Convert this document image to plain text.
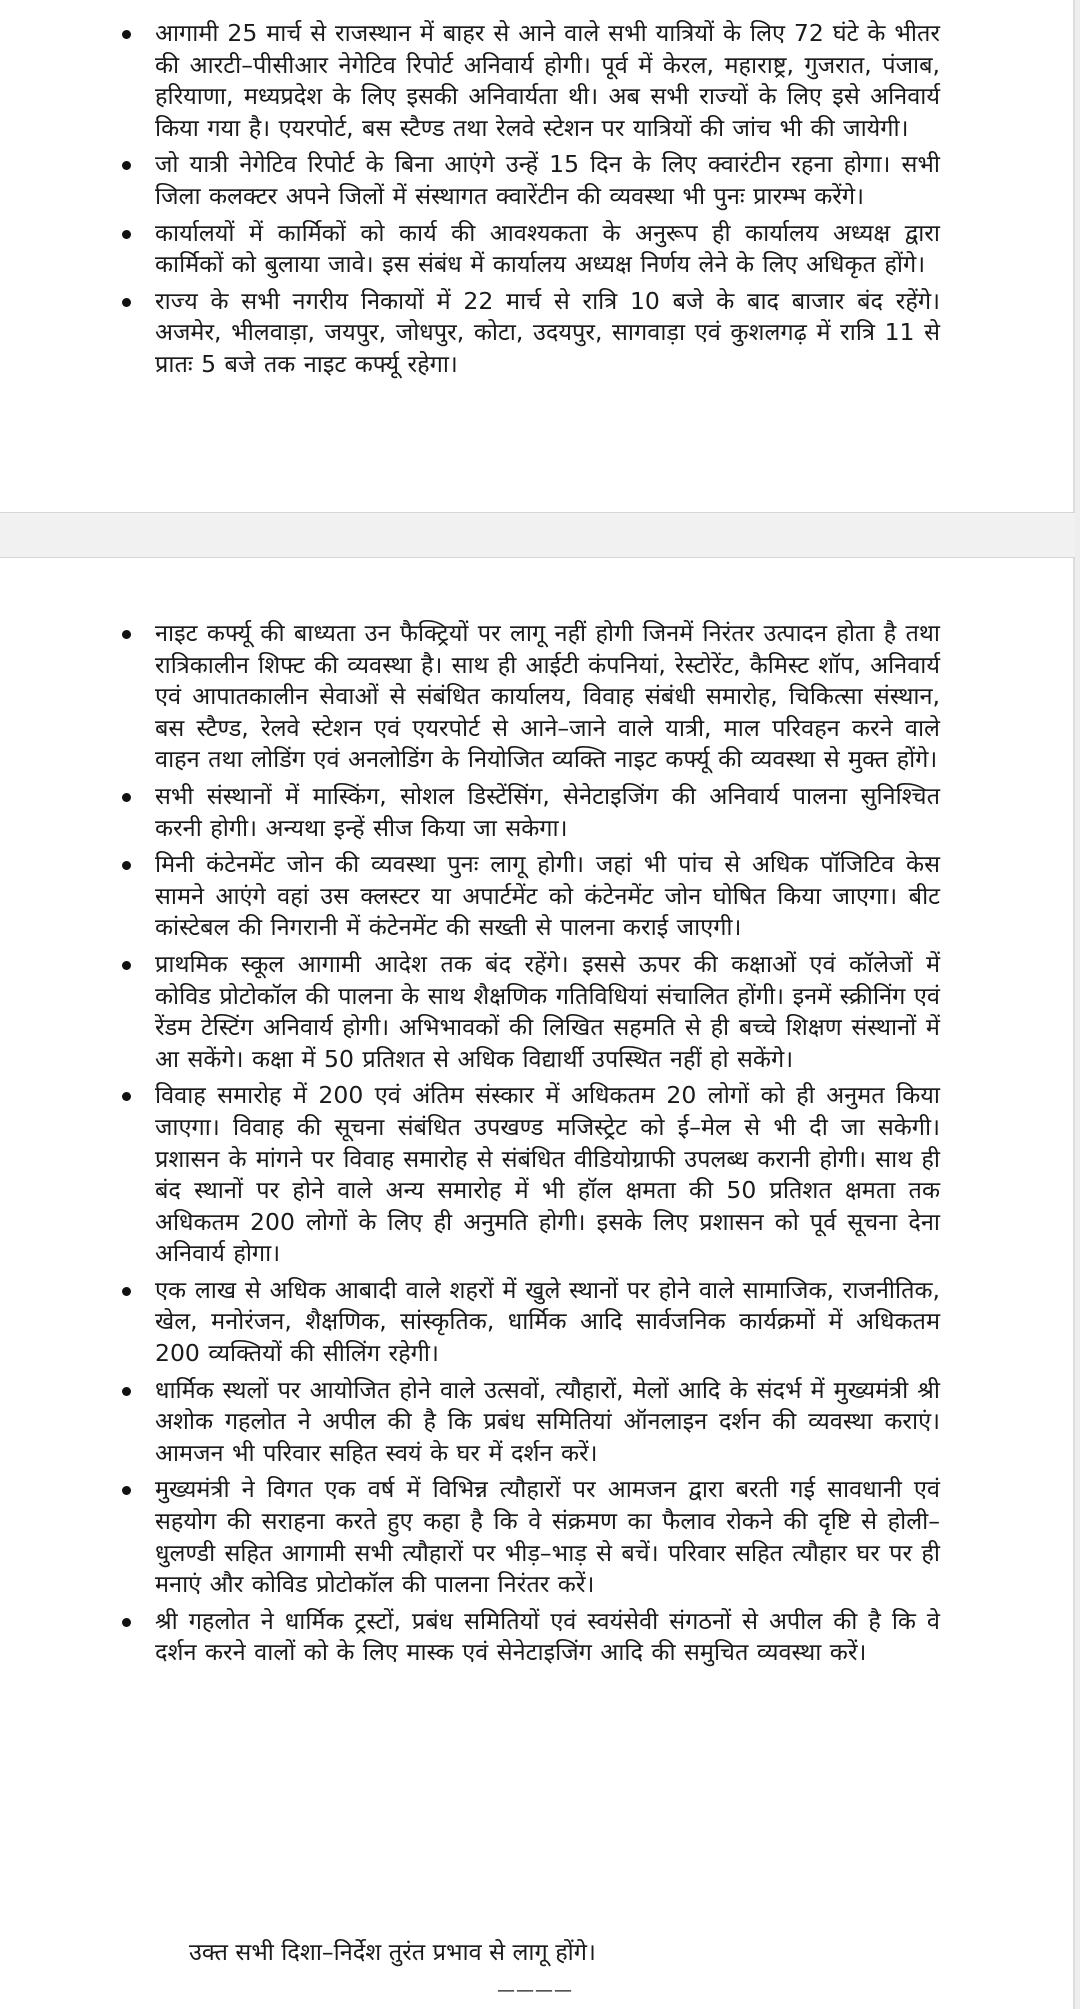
आगामी 25 मार्च से राजस्थान में बाहर से आने वाले सभी यात्रियों के लिए 72 घंटे के भीतर की आरटी–पीसीआर नेगेटिव रिपोर्ट अनिवार्य होगी। पूर्व में केरल, महाराष्ट्र, गुजरात, पंजाब, हरियाणा, मध्यप्रदेश के लिए इसकी अनिवार्यता थी। अब सभी राज्यों के लिए इसे अनिवार्य किया गया है। एयरपोर्ट, बस स्टैण्ड तथा रेलवे स्टेशन पर यात्रियों की जांच भी की जायेगी।
जो यात्री नेगेटिव रिपोर्ट के बिना आएंगे उन्हें 15 दिन के लिए क्वारंटीन रहना होगा। सभी जिला कलक्टर अपने जिलों में संस्थागत क्वारेंटीन की व्यवस्था भी पुनः प्रारम्भ करेंगे।
कार्यालयों में कार्मिकों को कार्य की आवश्यकता के अनुरूप ही कार्यालय अध्यक्ष द्वारा कार्मिकों को बुलाया जावे। इस संबंध में कार्यालय अध्यक्ष निर्णय लेने के लिए अधिकृत होंगे।
राज्य के सभी नगरीय निकायों में 22 मार्च से रात्रि 10 बजे के बाद बाजार बंद रहेंगे। अजमेर, भीलवाड़ा, जयपुर, जोधपुर, कोटा, उदयपुर, सागवाड़ा एवं कुशलगढ़ में रात्रि 11 से प्रातः 5 बजे तक नाइट कर्फ्यू रहेगा।
नाइट कर्फ्यू की बाध्यता उन फैक्ट्रियों पर लागू नहीं होगी जिनमें निरंतर उत्पादन होता है तथा रात्रिकालीन शिफ्ट की व्यवस्था है। साथ ही आईटी कंपनियां, रेस्टोरेंट, कैमिस्ट शॉप, अनिवार्य एवं आपातकालीन सेवाओं से संबंधित कार्यालय, विवाह संबंधी समारोह, चिकित्सा संस्थान, बस स्टैण्ड, रेलवे स्टेशन एवं एयरपोर्ट से आने–जाने वाले यात्री, माल परिवहन करने वाले वाहन तथा लोडिंग एवं अनलोडिंग के नियोजित व्यक्ति नाइट कर्फ्यू की व्यवस्था से मुक्त होंगे।
सभी संस्थानों में मास्किंग, सोशल डिस्टेंसिंग, सेनेटाइजिंग की अनिवार्य पालना सुनिश्चित करनी होगी। अन्यथा इन्हें सीज किया जा सकेगा।
मिनी कंटेनमेंट जोन की व्यवस्था पुनः लागू होगी। जहां भी पांच से अधिक पॉजिटिव केस सामने आएंगे वहां उस क्लस्टर या अपार्टमेंट को कंटेनमेंट जोन घोषित किया जाएगा। बीट कांस्टेबल की निगरानी में कंटेनमेंट की सख्ती से पालना कराई जाएगी।
प्राथमिक स्कूल आगामी आदेश तक बंद रहेंगे। इससे ऊपर की कक्षाओं एवं कॉलेजों में कोविड प्रोटोकॉल की पालना के साथ शैक्षणिक गतिविधियां संचालित होंगी। इनमें स्क्रीनिंग एवं रेंडम टेस्टिंग अनिवार्य होगी। अभिभावकों की लिखित सहमति से ही बच्चे शिक्षण संस्थानों में आ सकेंगे। कक्षा में 50 प्रतिशत से अधिक विद्यार्थी उपस्थित नहीं हो सकेंगे।
विवाह समारोह में 200 एवं अंतिम संस्कार में अधिकतम 20 लोगों को ही अनुमत किया जाएगा। विवाह की सूचना संबंधित उपखण्ड मजिस्ट्रेट को ई–मेल से भी दी जा सकेगी। प्रशासन के मांगने पर विवाह समारोह से संबंधित वीडियोग्राफी उपलब्ध करानी होगी। साथ ही बंद स्थानों पर होने वाले अन्य समारोह में भी हॉल क्षमता की 50 प्रतिशत क्षमता तक अधिकतम 200 लोगों के लिए ही अनुमति होगी। इसके लिए प्रशासन को पूर्व सूचना देना अनिवार्य होगा।
एक लाख से अधिक आबादी वाले शहरों में खुले स्थानों पर होने वाले सामाजिक, राजनीतिक, खेल, मनोरंजन, शैक्षणिक, सांस्कृतिक, धार्मिक आदि सार्वजनिक कार्यक्रमों में अधिकतम 200 व्यक्तियों की सीलिंग रहेगी।
धार्मिक स्थलों पर आयोजित होने वाले उत्सवों, त्यौहारों, मेलों आदि के संदर्भ में मुख्यमंत्री श्री अशोक गहलोत ने अपील की है कि प्रबंध समितियां ऑनलाइन दर्शन की व्यवस्था कराएं। आमजन भी परिवार सहित स्वयं के घर में दर्शन करें।
मुख्यमंत्री ने विगत एक वर्ष में विभिन्न त्यौहारों पर आमजन द्वारा बरती गई सावधानी एवं सहयोग की सराहना करते हुए कहा है कि वे संक्रमण का फैलाव रोकने की दृष्टि से होली–धुलण्डी सहित आगामी सभी त्यौहारों पर भीड़–भाड़ से बचें। परिवार सहित त्यौहार घर पर ही मनाएं और कोविड प्रोटोकॉल की पालना निरंतर करें।
श्री गहलोत ने धार्मिक ट्रस्टों, प्रबंध समितियों एवं स्वयंसेवी संगठनों से अपील की है कि वे दर्शन करने वालों को के लिए मास्क एवं सेनेटाइजिंग आदि की समुचित व्यवस्था करें।
उक्त सभी दिशा–निर्देश तुरंत प्रभाव से लागू होंगे।
————
